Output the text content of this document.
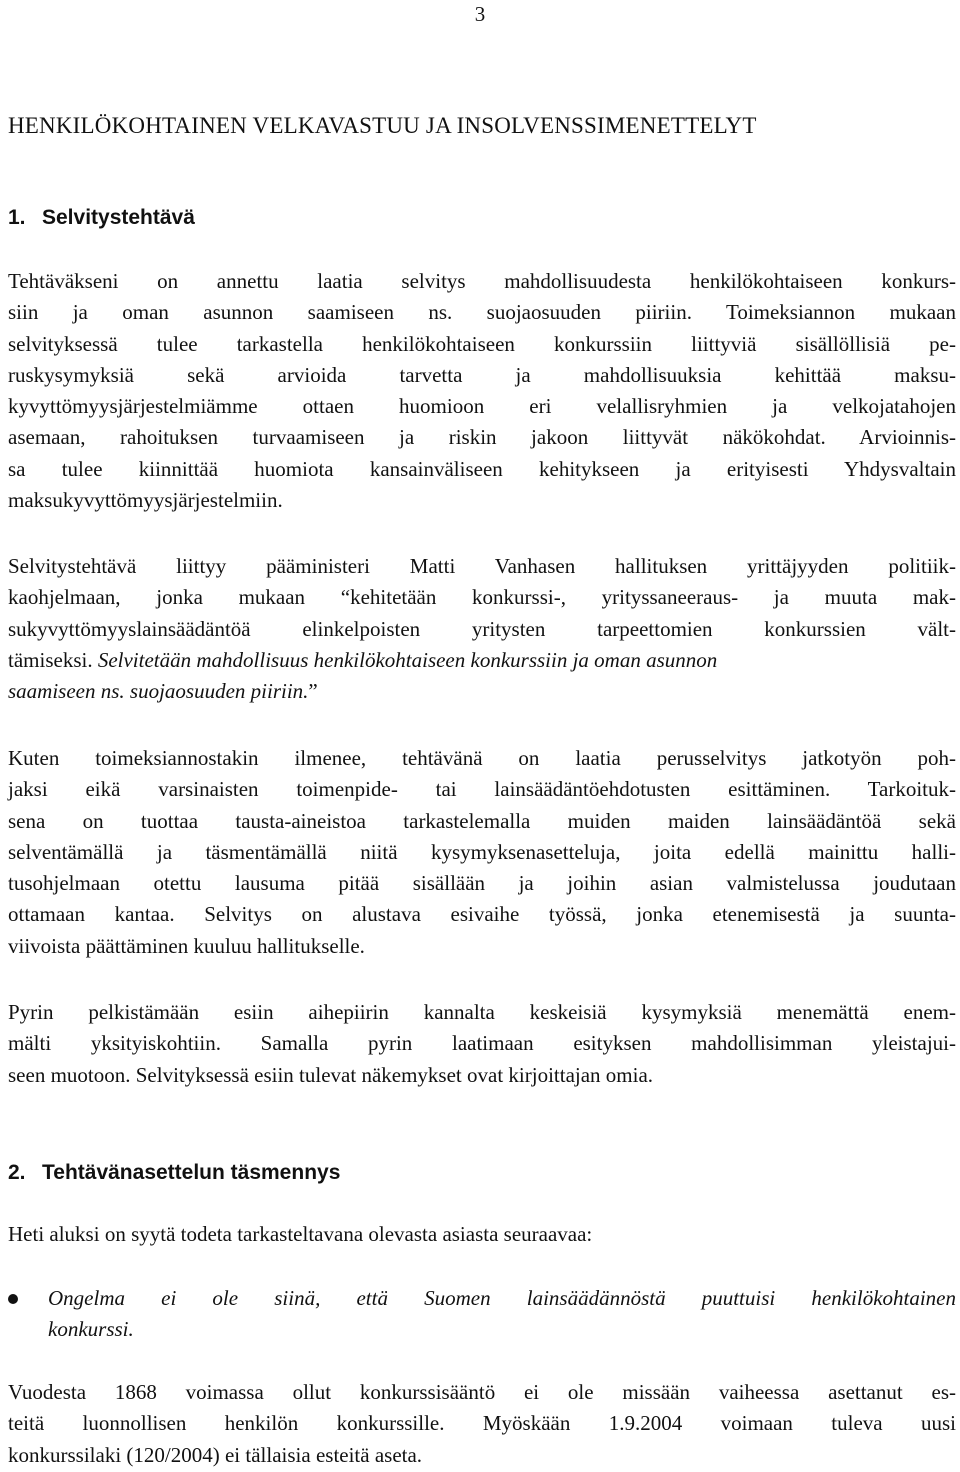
3
HENKILÖKOHTAINEN VELKAVASTUU JA INSOLVENSSIMENETTELYT
1. Selvitystehtävä
Tehtäväkseni on annettu laatia selvitys mahdollisuudesta henkilökohtaiseen konkurs-
siin ja oman asunnon saamiseen ns. suojaosuuden piiriin. Toimeksiannon mukaan
selvityksessä tulee tarkastella henkilökohtaiseen konkurssiin liittyviä sisällöllisiä pe-
ruskysymyksiä sekä arvioida tarvetta ja mahdollisuuksia kehittää maksu-
kyvyttömyysjärjestelmiämme ottaen huomioon eri velallisryhmien ja velkojatahojen
asemaan, rahoituksen turvaamiseen ja riskin jakoon liittyvät näkökohdat. Arvioinnis-
sa tulee kiinnittää huomiota kansainväliseen kehitykseen ja erityisesti Yhdysvaltain
maksukyvyttömyysjärjestelmiin.
Selvitystehtävä liittyy pääministeri Matti Vanhasen hallituksen yrittäjyyden politiik-
kaohjelmaan, jonka mukaan “kehitetään konkurssi-, yrityssaneeraus- ja muuta mak-
sukyvyttömyyslainsäädäntöä elinkelpoisten yritysten tarpeettomien konkurssien vält-
tämiseksi. Selvitetään mahdollisuus henkilökohtaiseen konkurssiin ja oman asunnon
saamiseen ns. suojaosuuden piiriin.”
Kuten toimeksiannostakin ilmenee, tehtävänä on laatia perusselvitys jatkotyön poh-
jaksi eikä varsinaisten toimenpide- tai lainsäädäntöehdotusten esittäminen. Tarkoituk-
sena on tuottaa tausta-aineistoa tarkastelemalla muiden maiden lainsäädäntöä sekä
selventämällä ja täsmentämällä niitä kysymyksenasetteluja, joita edellä mainittu halli-
tusohjelmaan otettu lausuma pitää sisällään ja joihin asian valmistelussa joudutaan
ottamaan kantaa. Selvitys on alustava esivaihe työssä, jonka etenemisestä ja suunta-
viivoista päättäminen kuuluu hallitukselle.
Pyrin pelkistämään esiin aihepiirin kannalta keskeisiä kysymyksiä menemättä enem-
mälti yksityiskohtiin. Samalla pyrin laatimaan esityksen mahdollisimman yleistajui-
seen muotoon. Selvityksessä esiin tulevat näkemykset ovat kirjoittajan omia.
2. Tehtävänasettelun täsmennys
Heti aluksi on syytä todeta tarkasteltavana olevasta asiasta seuraavaa:
Ongelma ei ole siinä, että Suomen lainsäädännöstä puuttuisi henkilökohtainen
konkurssi.
Vuodesta 1868 voimassa ollut konkurssisääntö ei ole missään vaiheessa asettanut es-
teitä luonnollisen henkilön konkurssille. Myöskään 1.9.2004 voimaan tuleva uusi
konkurssilaki (120/2004) ei tällaisia esteitä aseta.
